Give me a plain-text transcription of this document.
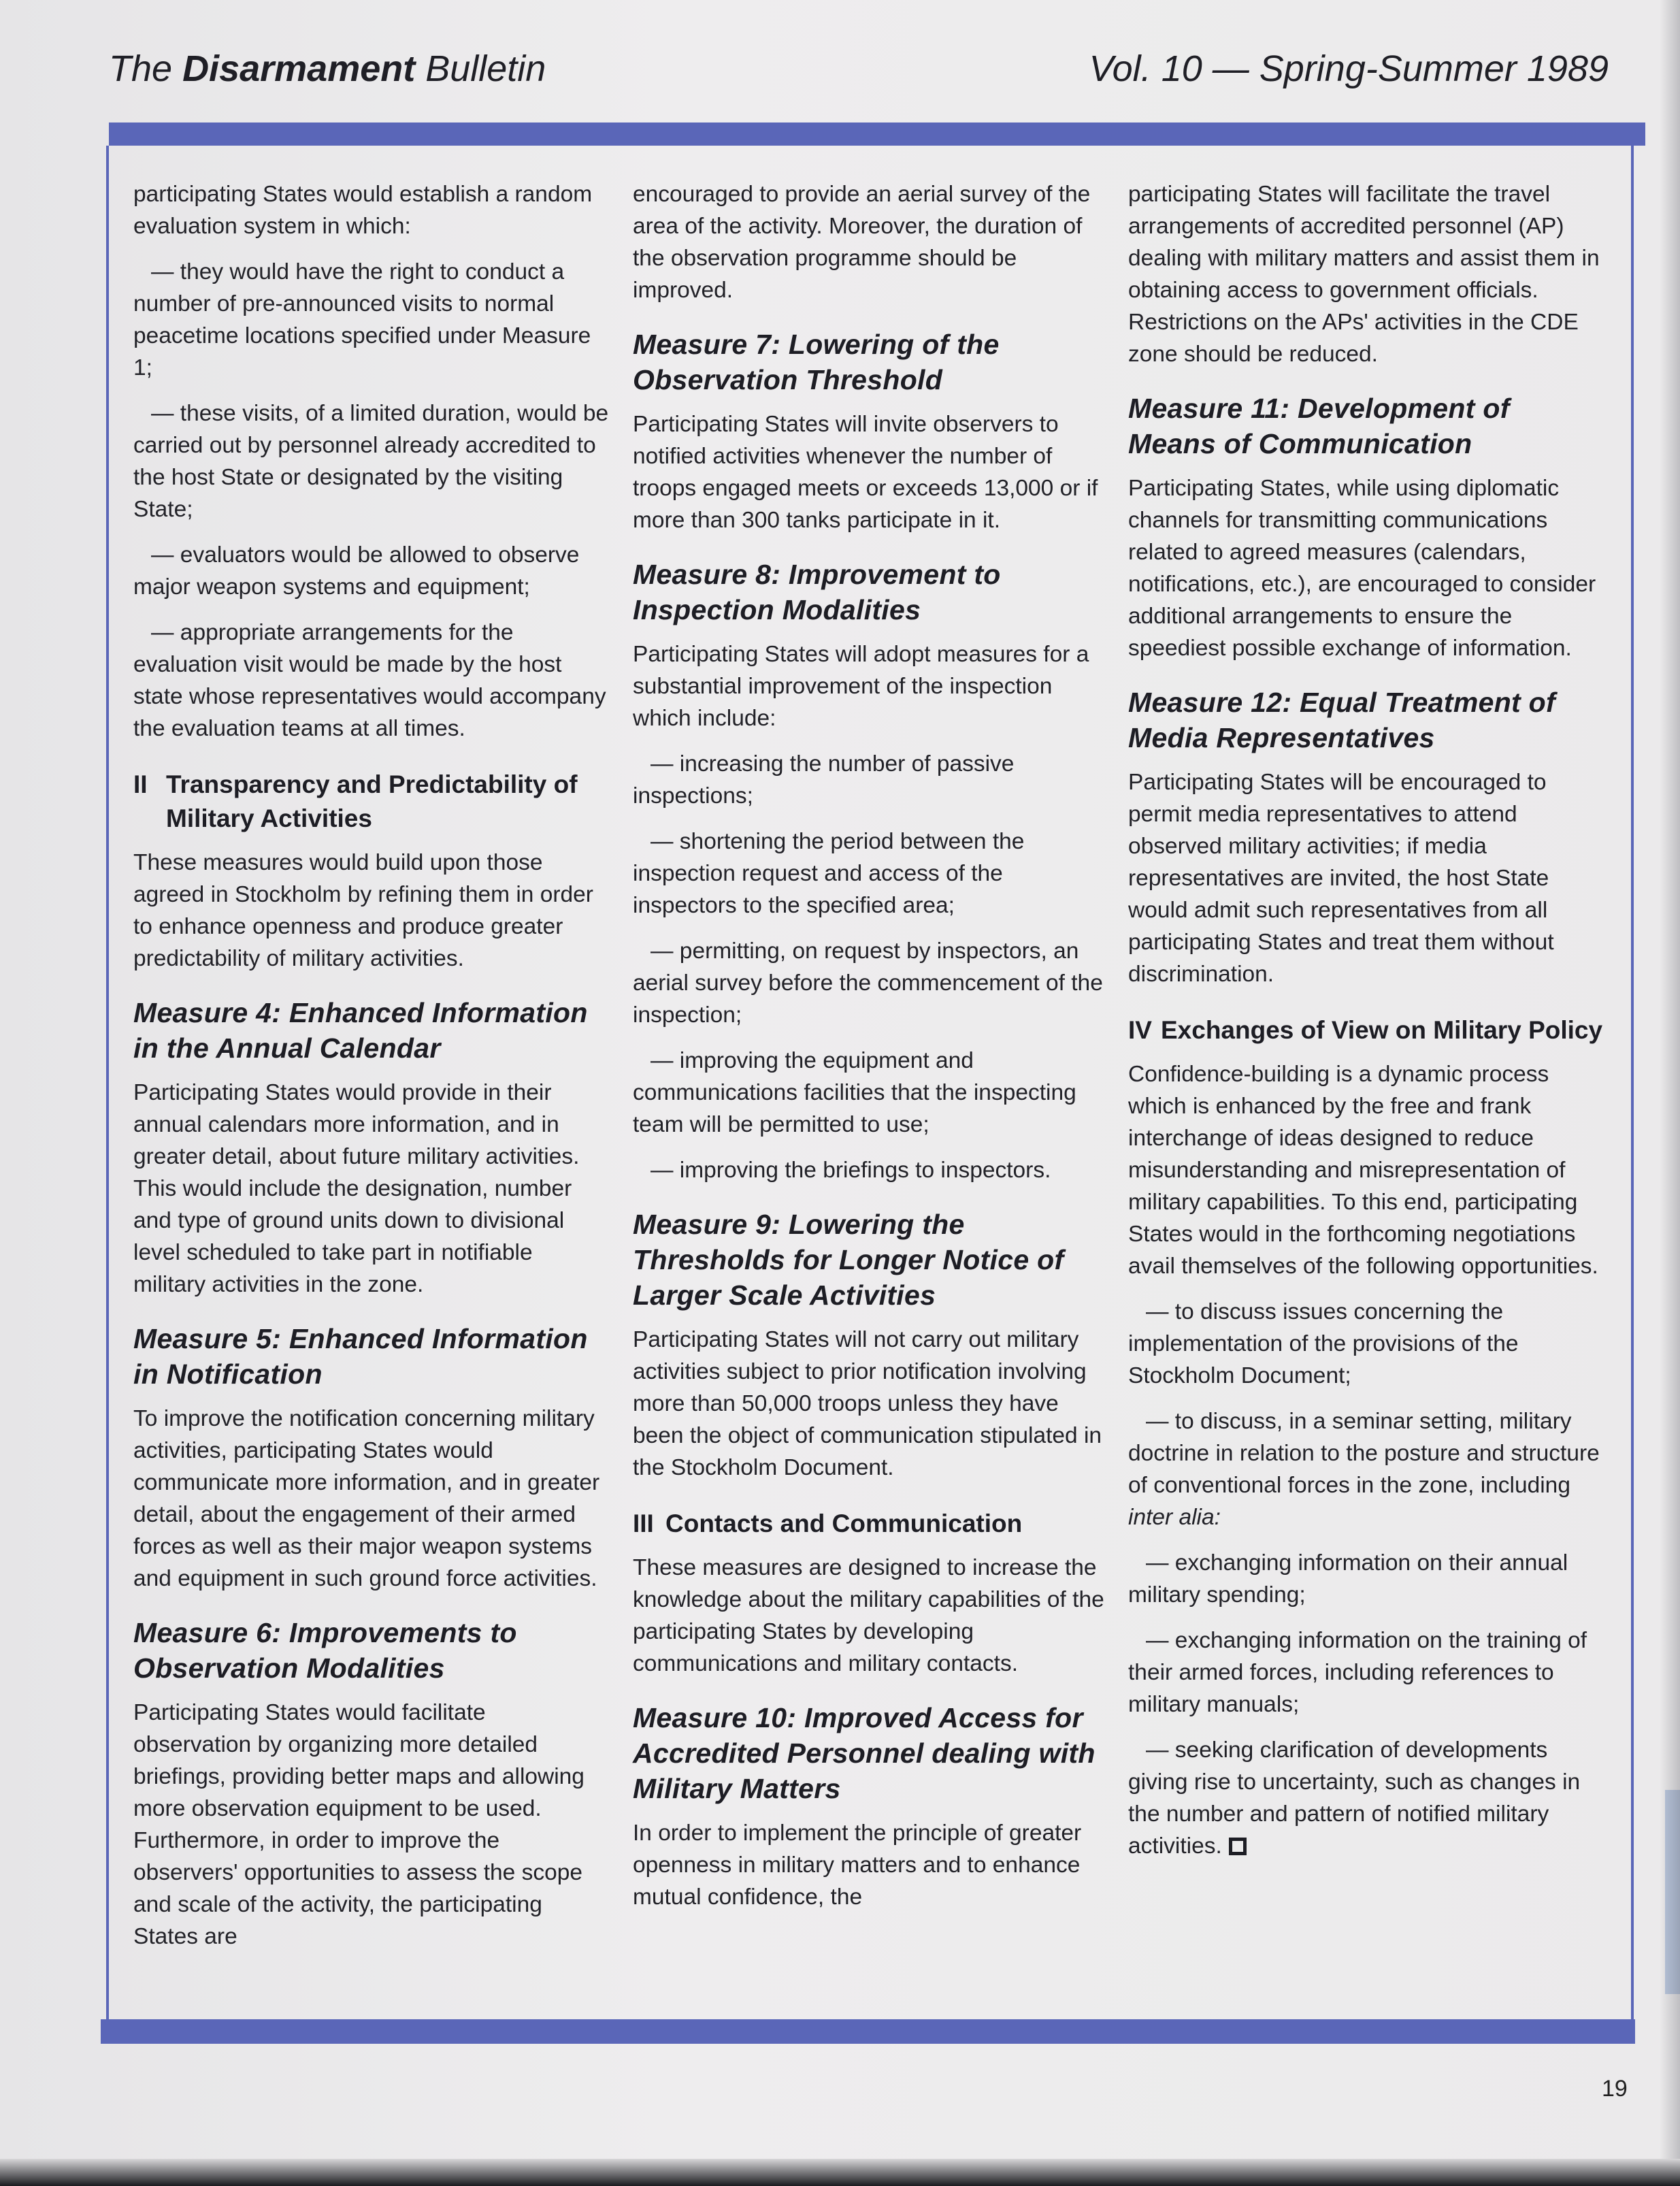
The Disarmament Bulletin	Vol. 10 — Spring-Summer 1989

participating States would establish a random evaluation system in which:

— they would have the right to conduct a number of pre-announced visits to normal peacetime locations specified under Measure 1;

— these visits, of a limited duration, would be carried out by personnel already accredited to the host State or designated by the visiting State;

— evaluators would be allowed to observe major weapon systems and equipment;

— appropriate arrangements for the evaluation visit would be made by the host state whose representatives would accompany the evaluation teams at all times.

II Transparency and Predictability of Military Activities

These measures would build upon those agreed in Stockholm by refining them in order to enhance openness and produce greater predictability of military activities.

Measure 4: Enhanced Information in the Annual Calendar

Participating States would provide in their annual calendars more information, and in greater detail, about future military activities. This would include the designation, number and type of ground units down to divisional level scheduled to take part in notifiable military activities in the zone.

Measure 5: Enhanced Information in Notification

To improve the notification concerning military activities, participating States would communicate more information, and in greater detail, about the engagement of their armed forces as well as their major weapon systems and equipment in such ground force activities.

Measure 6: Improvements to Observation Modalities

Participating States would facilitate observation by organizing more detailed briefings, providing better maps and allowing more observation equipment to be used. Furthermore, in order to improve the observers' opportunities to assess the scope and scale of the activity, the participating States are

encouraged to provide an aerial survey of the area of the activity. Moreover, the duration of the observation programme should be improved.

Measure 7: Lowering of the Observation Threshold

Participating States will invite observers to notified activities whenever the number of troops engaged meets or exceeds 13,000 or if more than 300 tanks participate in it.

Measure 8: Improvement to Inspection Modalities

Participating States will adopt measures for a substantial improvement of the inspection which include:

— increasing the number of passive inspections;

— shortening the period between the inspection request and access of the inspectors to the specified area;

— permitting, on request by inspectors, an aerial survey before the commencement of the inspection;

— improving the equipment and communications facilities that the inspecting team will be permitted to use;

— improving the briefings to inspectors.

Measure 9: Lowering the Thresholds for Longer Notice of Larger Scale Activities

Participating States will not carry out military activities subject to prior notification involving more than 50,000 troops unless they have been the object of communication stipulated in the Stockholm Document.

III Contacts and Communication

These measures are designed to increase the knowledge about the military capabilities of the participating States by developing communications and military contacts.

Measure 10: Improved Access for Accredited Personnel dealing with Military Matters

In order to implement the principle of greater openness in military matters and to enhance mutual confidence, the

participating States will facilitate the travel arrangements of accredited personnel (AP) dealing with military matters and assist them in obtaining access to government officials. Restrictions on the APs' activities in the CDE zone should be reduced.

Measure 11: Development of Means of Communication

Participating States, while using diplomatic channels for transmitting communications related to agreed measures (calendars, notifications, etc.), are encouraged to consider additional arrangements to ensure the speediest possible exchange of information.

Measure 12: Equal Treatment of Media Representatives

Participating States will be encouraged to permit media representatives to attend observed military activities; if media representatives are invited, the host State would admit such representatives from all participating States and treat them without discrimination.

IV Exchanges of View on Military Policy

Confidence-building is a dynamic process which is enhanced by the free and frank interchange of ideas designed to reduce misunderstanding and misrepresentation of military capabilities. To this end, participating States would in the forthcoming negotiations avail themselves of the following opportunities.

— to discuss issues concerning the implementation of the provisions of the Stockholm Document;

— to discuss, in a seminar setting, military doctrine in relation to the posture and structure of conventional forces in the zone, including inter alia:

— exchanging information on their annual military spending;

— exchanging information on the training of their armed forces, including references to military manuals;

— seeking clarification of developments giving rise to uncertainty, such as changes in the number and pattern of notified military activities.

19
